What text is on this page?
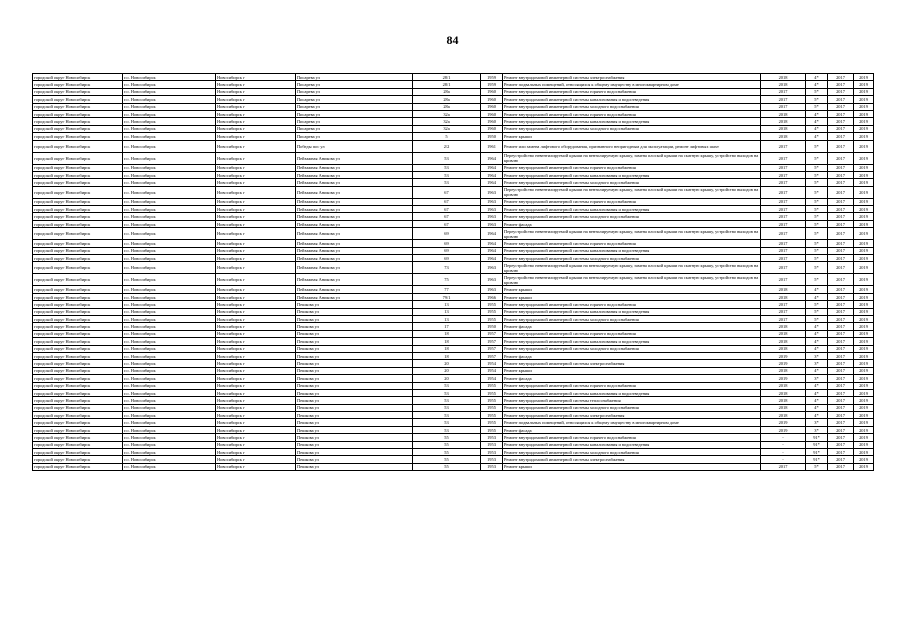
84
городской округ Новосибирск	г.о. Новосибирск	Новосибирск г	Писарева ул	28/1	1959	Ремонт внутридомовой инженерной системы электроснабжения	2018	4*	2017	2019
городской округ Новосибирск	г.о. Новосибирск	Новосибирск г	Писарева ул	28/1	1959	Ремонт подвальных помещений, относящихся к общему имуществу в многоквартирном доме	2018	4*	2017	2019
городской округ Новосибирск	г.о. Новосибирск	Новосибирск г	Писарева ул	28а	1960	Ремонт внутридомовой инженерной системы горячего водоснабжения	2017	5*	2017	2019
городской округ Новосибирск	г.о. Новосибирск	Новосибирск г	Писарева ул	28а	1960	Ремонт внутридомовой инженерной системы канализования и водоотведения	2017	5*	2017	2019
городской округ Новосибирск	г.о. Новосибирск	Новосибирск г	Писарева ул	28а	1960	Ремонт внутридомовой инженерной системы холодного водоснабжения	2017	5*	2017	2019
городской округ Новосибирск	г.о. Новосибирск	Новосибирск г	Писарева ул	32а	1960	Ремонт внутридомовой инженерной системы горячего водоснабжения	2018	4*	2017	2019
городской округ Новосибирск	г.о. Новосибирск	Новосибирск г	Писарева ул	32а	1960	Ремонт внутридомовой инженерной системы канализования и водоотведения	2018	4*	2017	2019
городской округ Новосибирск	г.о. Новосибирск	Новосибирск г	Писарева ул	32а	1960	Ремонт внутридомовой инженерной системы холодного водоснабжения	2018	4*	2017	2019
городской округ Новосибирск	г.о. Новосибирск	Новосибирск г	Писарева ул	5	1950	Ремонт крыши	2018	4*	2017	2019
городской округ Новосибирск	г.о. Новосибирск	Новосибирск г	Победы пос ул	2/2	1961	Ремонт или замена лифтового оборудования, признанного непригодным для эксплуатации, ремонт лифтовых шахт	2017	5*	2017	2019
городской округ Новосибирск	г.о. Новосибирск	Новосибирск г	Пейзажная Аникова ул	53	1964	Переустройство невентилируемой крыши на вентилируемую крышу, замена плоской крыши на скатную крышу, устройство выходов на кровлю	2017	5*	2017	2019
городской округ Новосибирск	г.о. Новосибирск	Новосибирск г	Пейзажная Аникова ул	53	1964	Ремонт внутридомовой инженерной системы горячего водоснабжения	2017	5*	2017	2019
городской округ Новосибирск	г.о. Новосибирск	Новосибирск г	Пейзажная Аникова ул	53	1964	Ремонт внутридомовой инженерной системы канализования и водоотведения	2017	5*	2017	2019
городской округ Новосибирск	г.о. Новосибирск	Новосибирск г	Пейзажная Аникова ул	53	1964	Ремонт внутридомовой инженерной системы холодного водоснабжения	2017	5*	2017	2019
городской округ Новосибирск	г.о. Новосибирск	Новосибирск г	Пейзажная Аникова ул	67	1963	Переустройство невентилируемой крыши на вентилируемую крышу, замена плоской крыши на скатную крышу, устройство выходов на кровлю	2017	5*	2017	2019
городской округ Новосибирск	г.о. Новосибирск	Новосибирск г	Пейзажная Аникова ул	67	1963	Ремонт внутридомовой инженерной системы горячего водоснабжения	2017	5*	2017	2019
городской округ Новосибирск	г.о. Новосибирск	Новосибирск г	Пейзажная Аникова ул	67	1963	Ремонт внутридомовой инженерной системы канализования и водоотведения	2017	5*	2017	2019
городской округ Новосибирск	г.о. Новосибирск	Новосибирск г	Пейзажная Аникова ул	67	1963	Ремонт внутридомовой инженерной системы холодного водоснабжения	2017	5*	2017	2019
городской округ Новосибирск	г.о. Новосибирск	Новосибирск г	Пейзажная Аникова ул	67	1963	Ремонт фасада	2017	5*	2017	2019
городской округ Новосибирск	г.о. Новосибирск	Новосибирск г	Пейзажная Аникова ул	69	1964	Переустройство невентилируемой крыши на вентилируемую крышу, замена плоской крыши на скатную крышу, устройство выходов на кровлю	2017	5*	2017	2019
городской округ Новосибирск	г.о. Новосибирск	Новосибирск г	Пейзажная Аникова ул	69	1964	Ремонт внутридомовой инженерной системы горячего водоснабжения	2017	5*	2017	2019
городской округ Новосибирск	г.о. Новосибирск	Новосибирск г	Пейзажная Аникова ул	69	1964	Ремонт внутридомовой инженерной системы канализования и водоотведения	2017	5*	2017	2019
городской округ Новосибирск	г.о. Новосибирск	Новосибирск г	Пейзажная Аникова ул	69	1964	Ремонт внутридомовой инженерной системы холодного водоснабжения	2017	5*	2017	2019
городской округ Новосибирск	г.о. Новосибирск	Новосибирск г	Пейзажная Аникова ул	73	1963	Переустройство невентилируемой крыши на вентилируемую крышу, замена плоской крыши на скатную крышу, устройство выходов на кровлю	2017	5*	2017	2019
городской округ Новосибирск	г.о. Новосибирск	Новосибирск г	Пейзажная Аникова ул	75	1963	Переустройство невентилируемой крыши на вентилируемую крышу, замена плоской крыши на скатную крышу, устройство выходов на кровлю	2017	5*	2017	2019
городской округ Новосибирск	г.о. Новосибирск	Новосибирск г	Пейзажная Аникова ул	77	1963	Ремонт крыши	2018	4*	2017	2019
городской округ Новосибирск	г.о. Новосибирск	Новосибирск г	Пейзажная Аникова ул	79/1	1966	Ремонт крыши	2018	4*	2017	2019
городской округ Новосибирск	г.о. Новосибирск	Новосибирск г	Пешкова ул	13	1955	Ремонт внутридомовой инженерной системы горячего водоснабжения	2017	5*	2017	2019
городской округ Новосибирск	г.о. Новосибирск	Новосибирск г	Пешкова ул	13	1955	Ремонт внутридомовой инженерной системы канализования и водоотведения	2017	5*	2017	2019
городской округ Новосибирск	г.о. Новосибирск	Новосибирск г	Пешкова ул	13	1955	Ремонт внутридомовой инженерной системы холодного водоснабжения	2017	5*	2017	2019
городской округ Новосибирск	г.о. Новосибирск	Новосибирск г	Пешкова ул	17	1950	Ремонт фасада	2018	4*	2017	2019
городской округ Новосибирск	г.о. Новосибирск	Новосибирск г	Пешкова ул	18	1957	Ремонт внутридомовой инженерной системы горячего водоснабжения	2018	4*	2017	2019
городской округ Новосибирск	г.о. Новосибирск	Новосибирск г	Пешкова ул	18	1957	Ремонт внутридомовой инженерной системы канализования и водоотведения	2018	4*	2017	2019
городской округ Новосибирск	г.о. Новосибирск	Новосибирск г	Пешкова ул	18	1957	Ремонт внутридомовой инженерной системы холодного водоснабжения	2018	4*	2017	2019
городской округ Новосибирск	г.о. Новосибирск	Новосибирск г	Пешкова ул	18	1957	Ремонт фасада	2019	3*	2017	2019
городской округ Новосибирск	г.о. Новосибирск	Новосибирск г	Пешкова ул	20	1954	Ремонт внутридомовой инженерной системы электроснабжения	2019	3*	2017	2019
городской округ Новосибирск	г.о. Новосибирск	Новосибирск г	Пешкова ул	20	1954	Ремонт крыши	2018	4*	2017	2019
городской округ Новосибирск	г.о. Новосибирск	Новосибирск г	Пешкова ул	20	1954	Ремонт фасада	2019	3*	2017	2019
городской округ Новосибирск	г.о. Новосибирск	Новосибирск г	Пешкова ул	53	1955	Ремонт внутридомовой инженерной системы горячего водоснабжения	2018	4*	2017	2019
городской округ Новосибирск	г.о. Новосибирск	Новосибирск г	Пешкова ул	53	1955	Ремонт внутридомовой инженерной системы канализования и водоотведения	2018	4*	2017	2019
городской округ Новосибирск	г.о. Новосибирск	Новосибирск г	Пешкова ул	53	1955	Ремонт внутридомовой инженерной системы теплоснабжения	2018	4*	2017	2019
городской округ Новосибирск	г.о. Новосибирск	Новосибирск г	Пешкова ул	53	1955	Ремонт внутридомовой инженерной системы холодного водоснабжения	2018	4*	2017	2019
городской округ Новосибирск	г.о. Новосибирск	Новосибирск г	Пешкова ул	53	1955	Ремонт внутридомовой инженерной системы электроснабжения	2018	4*	2017	2019
городской округ Новосибирск	г.о. Новосибирск	Новосибирск г	Пешкова ул	53	1955	Ремонт подвальных помещений, относящихся к общему имуществу в многоквартирном доме	2019	3*	2017	2019
городской округ Новосибирск	г.о. Новосибирск	Новосибирск г	Пешкова ул	53	1955	Ремонт фасада	2019	3*	2017	2019
городской округ Новосибирск	г.о. Новосибирск	Новосибирск г	Пешкова ул	55	1953	Ремонт внутридомовой инженерной системы горячего водоснабжения	-	91*	2017	2019
городской округ Новосибирск	г.о. Новосибирск	Новосибирск г	Пешкова ул	55	1953	Ремонт внутридомовой инженерной системы канализования и водоотведения	-	91*	2017	2019
городской округ Новосибирск	г.о. Новосибирск	Новосибирск г	Пешкова ул	55	1953	Ремонт внутридомовой инженерной системы холодного водоснабжения	-	91*	2017	2019
городской округ Новосибирск	г.о. Новосибирск	Новосибирск г	Пешкова ул	55	1953	Ремонт внутридомовой инженерной системы электроснабжения	-	91*	2017	2019
городской округ Новосибирск	г.о. Новосибирск	Новосибирск г	Пешкова ул	55	1953	Ремонт крыши	2017	5*	2017	2019
